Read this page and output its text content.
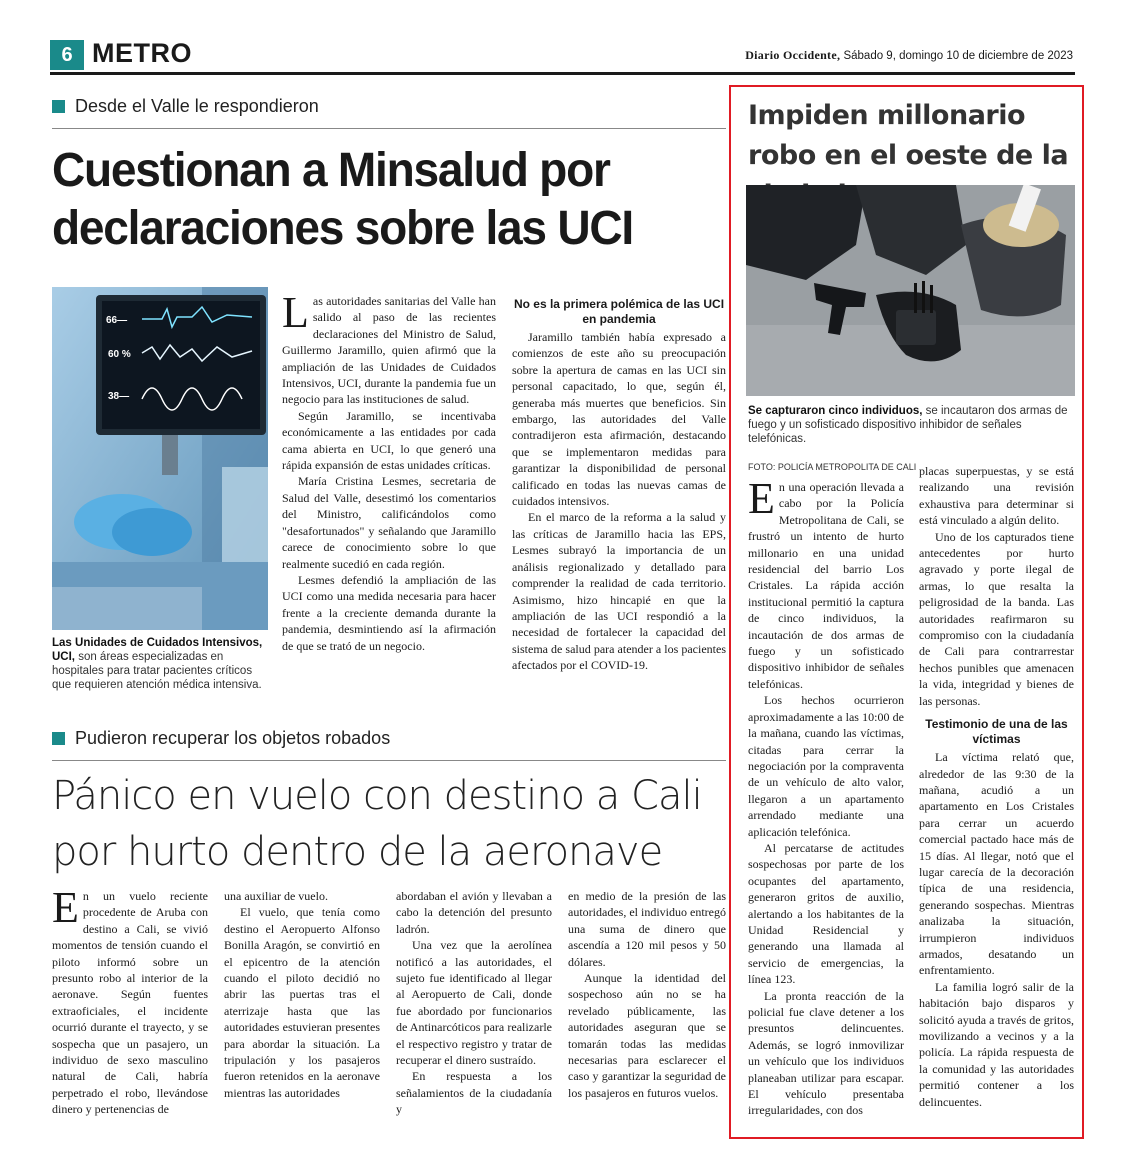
6 METRO	Diario Occidente, Sábado 9, domingo 10 de diciembre de 2023
Desde el Valle le respondieron
Cuestionan a Minsalud por declaraciones sobre las UCI
66—
60 %
38—
Las Unidades de Cuidados Intensivos, UCI, son áreas especializadas en hospitales para tratar pacientes críticos que requieren atención médica intensiva.

Las autoridades sanitarias del Valle han salido al paso de las recientes declaraciones del Ministro de Salud, Guillermo Jaramillo, quien afirmó que la ampliación de las Unidades de Cuidados Intensivos, UCI, durante la pandemia fue un negocio para las instituciones de salud.

Según Jaramillo, se incentivaba económicamente a las entidades por cada cama abierta en UCI, lo que generó una rápida expansión de estas unidades críticas.

María Cristina Lesmes, secretaria de Salud del Valle, desestimó los comentarios del Ministro, calificándolos como "desafortunados" y señalando que Jaramillo carece de conocimiento sobre lo que realmente sucedió en cada región.

Lesmes defendió la ampliación de las UCI como una medida necesaria para hacer frente a la creciente demanda durante la pandemia, desmintiendo así la afirmación de que se trató de un negocio.

No es la primera polémica de las UCI en pandemia

Jaramillo también había expresado a comienzos de este año su preocupación sobre la apertura de camas en las UCI sin personal capacitado, lo que, según él, generaba más muertes que beneficios. Sin embargo, las autoridades del Valle contradijeron esta afirmación, destacando que se implementaron medidas para garantizar la disponibilidad de personal calificado en todas las nuevas camas de cuidados intensivos.

En el marco de la reforma a la salud y las críticas de Jaramillo hacia las EPS, Lesmes subrayó la importancia de un análisis regionalizado y detallado para comprender la realidad de cada territorio. Asimismo, hizo hincapié en que la ampliación de las UCI respondió a la necesidad de fortalecer la capacidad del sistema de salud para atender a los pacientes afectados por el COVID-19.

Pudieron recuperar los objetos robados
Pánico en vuelo con destino a Cali por hurto dentro de la aeronave

En un vuelo reciente procedente de Aruba con destino a Cali, se vivió momentos de tensión cuando el piloto informó sobre un presunto robo al interior de la aeronave. Según fuentes extraoficiales, el incidente ocurrió durante el trayecto, y se sospecha que un pasajero, un individuo de sexo masculino natural de Cali, habría perpetrado el robo, llevándose dinero y pertenencias de

una auxiliar de vuelo.

El vuelo, que tenía como destino el Aeropuerto Alfonso Bonilla Aragón, se convirtió en el epicentro de la atención cuando el piloto decidió no abrir las puertas tras el aterrizaje hasta que las autoridades estuvieran presentes para abordar la situación. La tripulación y los pasajeros fueron retenidos en la aeronave mientras las autoridades

abordaban el avión y llevaban a cabo la detención del presunto ladrón.

Una vez que la aerolínea notificó a las autoridades, el sujeto fue identificado al llegar al Aeropuerto de Cali, donde fue abordado por funcionarios de Antinarcóticos para realizarle el respectivo registro y tratar de recuperar el dinero sustraído.

En respuesta a los señalamientos de la ciudadanía y

en medio de la presión de las autoridades, el individuo entregó una suma de dinero que ascendía a 120 mil pesos y 50 dólares.

Aunque la identidad del sospechoso aún no se ha revelado públicamente, las autoridades aseguran que se tomarán todas las medidas necesarias para esclarecer el caso y garantizar la seguridad de los pasajeros en futuros vuelos.

Impiden millonario robo en el oeste de la
Se capturaron cinco individuos, se incautaron dos armas de fuego y un sofisticado dispositivo inhibidor de señales telefónicas.
FOTO: POLICÍA METROPOLITA DE CALI

En una operación llevada a cabo por la Policía Metropolitana de Cali, se frustró un intento de hurto millonario en una unidad residencial del barrio Los Cristales. La rápida acción institucional permitió la captura de cinco individuos, la incautación de dos armas de fuego y un sofisticado dispositivo inhibidor de señales telefónicas.

Los hechos ocurrieron aproximadamente a las 10:00 de la mañana, cuando las víctimas, citadas para cerrar la negociación por la compraventa de un vehículo de alto valor, llegaron a un apartamento arrendado mediante una aplicación telefónica.

Al percatarse de actitudes sospechosas por parte de los ocupantes del apartamento, generaron gritos de auxilio, alertando a los habitantes de la Unidad Residencial y generando una llamada al servicio de emergencias, la línea 123.

La pronta reacción de la policial fue clave detener a los presuntos delincuentes. Además, se logró inmovilizar un vehículo que los individuos planeaban utilizar para escapar. El vehículo presentaba irregularidades, con dos

placas superpuestas, y se está realizando una revisión exhaustiva para determinar si está vinculado a algún delito.

Uno de los capturados tiene antecedentes por hurto agravado y porte ilegal de armas, lo que resalta la peligrosidad de la banda. Las autoridades reafirmaron su compromiso con la ciudadanía de Cali para contrarrestar hechos punibles que amenacen la vida, integridad y bienes de las personas.

Testimonio de una de las víctimas

La víctima relató que, alrededor de las 9:30 de la mañana, acudió a un apartamento en Los Cristales para cerrar un acuerdo comercial pactado hace más de 15 días. Al llegar, notó que el lugar carecía de la decoración típica de una residencia, generando sospechas. Mientras analizaba la situación, irrumpieron individuos armados, desatando un enfrentamiento.

La familia logró salir de la habitación bajo disparos y solicitó ayuda a través de gritos, movilizando a vecinos y a la policía. La rápida respuesta de la comunidad y las autoridades permitió contener a los delincuentes.
